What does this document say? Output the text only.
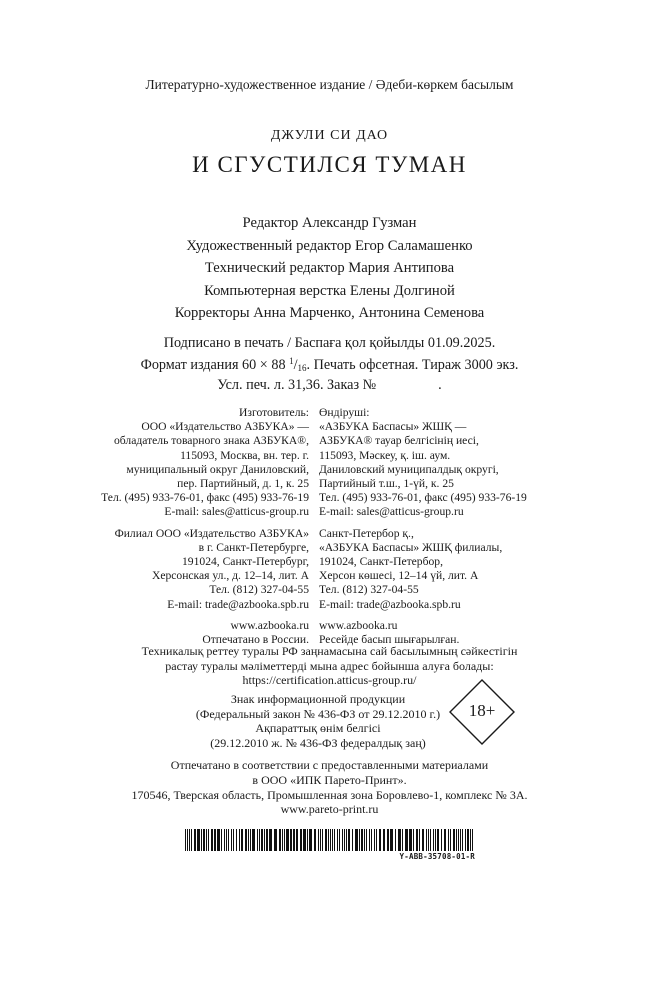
Литературно-художественное издание / Әдеби-көркем басылым
ДЖУЛИ СИ ДАО
И СГУСТИЛСЯ ТУМАН
Редактор Александр Гузман
Художественный редактор Егор Саламашенко
Технический редактор Мария Антипова
Компьютерная верстка Елены Долгиной
Корректоры Анна Марченко, Антонина Семенова
Подписано в печать / Баспаға қол қойылды 01.09.2025.
Формат издания 60 × 88 $^1/_{16}$. Печать офсетная. Тираж 3000 экз.
Усл. печ. л. 31,36. Заказ №	.
Изготовитель:
ООО «Издательство АЗБУКА» —
обладатель товарного знака АЗБУКА®,
115093, Москва, вн. тер. г.
муниципальный округ Даниловский,
пер. Партийный, д. 1, к. 25
Тел. (495) 933-76-01, факс (495) 933-76-19
E-mail: sales@atticus-group.ru
Филиал ООО «Издательство АЗБУКА»
в г. Санкт-Петербурге,
191024, Санкт-Петербург,
Херсонская ул., д. 12–14, лит. А
Тел. (812) 327-04-55
E-mail: trade@azbooka.spb.ru
www.azbooka.ru
Отпечатано в России.
Өндіруші:
«АЗБУКА Баспасы» ЖШҚ —
АЗБУКА® тауар белгісінің иесі,
115093, Мәскеу, қ. іш. аум.
Даниловский муниципалдық округі,
Партийный т.ш., 1-үй, к. 25
Тел. (495) 933-76-01, факс (495) 933-76-19
E-mail: sales@atticus-group.ru
Санкт-Петербор қ.,
«АЗБУКА Баспасы» ЖШҚ филиалы,
191024, Санкт-Петербор,
Херсон көшесі, 12–14 үй, лит. А
Тел. (812) 327-04-55
E-mail: trade@azbooka.spb.ru
www.azbooka.ru
Ресейде басып шығарылған.
Техникалық реттеу туралы РФ заңнамасына сай басылымның сәйкестігін
растау туралы мәліметтерді мына адрес бойынша алуға болады:
https://certification.atticus-group.ru/
Знак информационной продукции
(Федеральный закон № 436-ФЗ от 29.12.2010 г.)
Ақпараттық өнім белгісі
(29.12.2010 ж. № 436-ФЗ федералдық заң)
18+
Отпечатано в соответствии с предоставленными материалами
в ООО «ИПК Парето-Принт».
170546, Тверская область, Промышленная зона Боровлево-1, комплекс № 3А.
www.pareto-print.ru
Y-ABB-35708-01-R
